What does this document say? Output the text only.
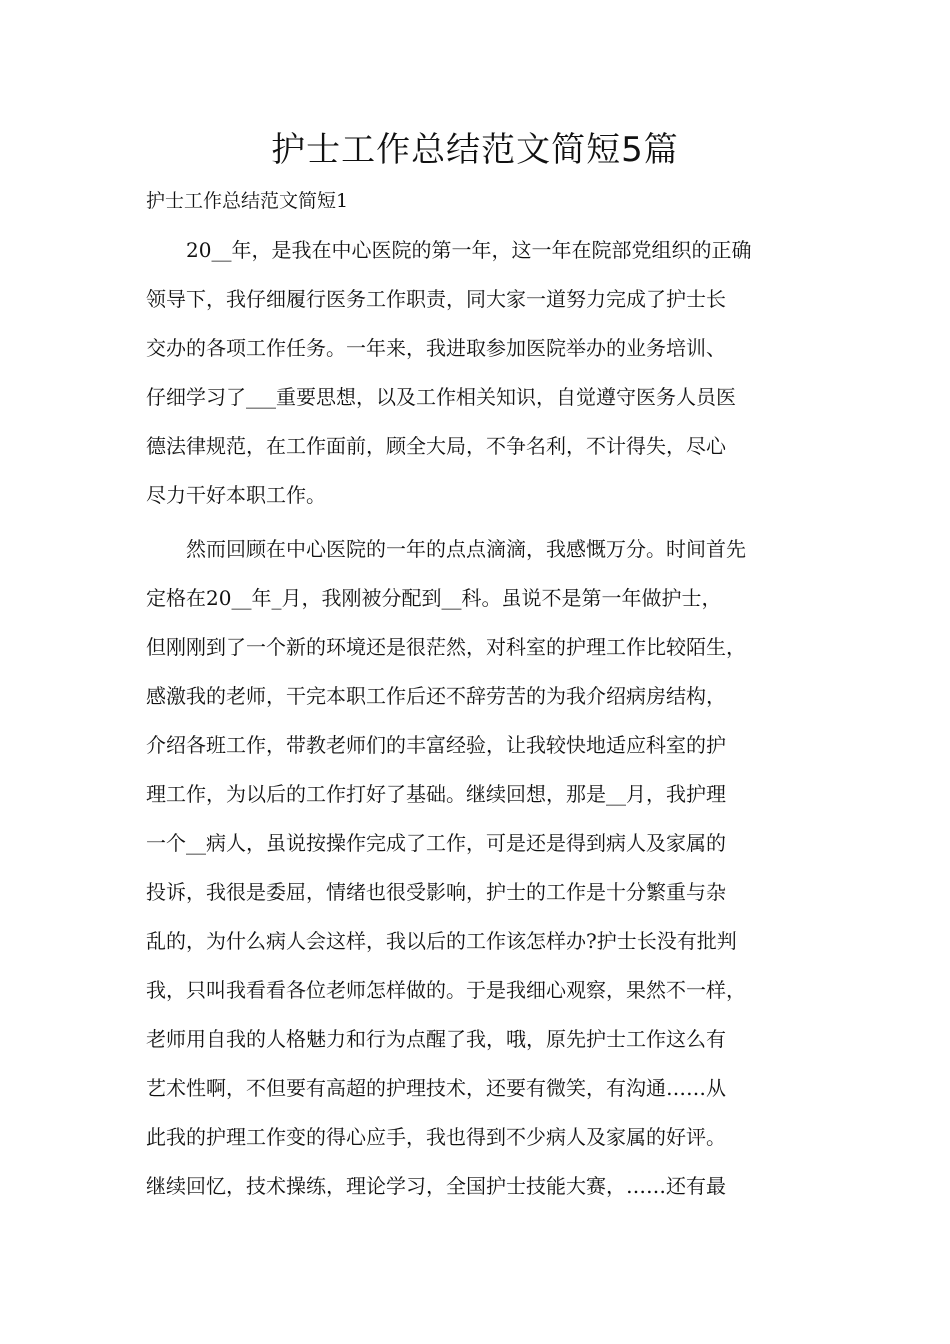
护士工作总结范文简短5篇
护士工作总结范文简短1
　　20__年，是我在中心医院的第一年，这一年在院部党组织的正确
领导下，我仔细履行医务工作职责，同大家一道努力完成了护士长
交办的各项工作任务。一年来，我进取参加医院举办的业务培训、
仔细学习了___重要思想，以及工作相关知识，自觉遵守医务人员医
德法律规范，在工作面前，顾全大局，不争名利，不计得失，尽心
尽力干好本职工作。
　　然而回顾在中心医院的一年的点点滴滴，我感慨万分。时间首先
定格在20__年_月，我刚被分配到__科。虽说不是第一年做护士，
但刚刚到了一个新的环境还是很茫然，对科室的护理工作比较陌生，
感激我的老师，干完本职工作后还不辞劳苦的为我介绍病房结构，
介绍各班工作，带教老师们的丰富经验，让我较快地适应科室的护
理工作，为以后的工作打好了基础。继续回想，那是__月，我护理
一个__病人，虽说按操作完成了工作，可是还是得到病人及家属的
投诉，我很是委屈，情绪也很受影响，护士的工作是十分繁重与杂
乱的，为什么病人会这样，我以后的工作该怎样办?护士长没有批判
我，只叫我看看各位老师怎样做的。于是我细心观察，果然不一样，
老师用自我的人格魅力和行为点醒了我，哦，原先护士工作这么有
艺术性啊，不但要有高超的护理技术，还要有微笑，有沟通……从
此我的护理工作变的得心应手，我也得到不少病人及家属的好评。
继续回忆，技术操练，理论学习，全国护士技能大赛，……还有最
